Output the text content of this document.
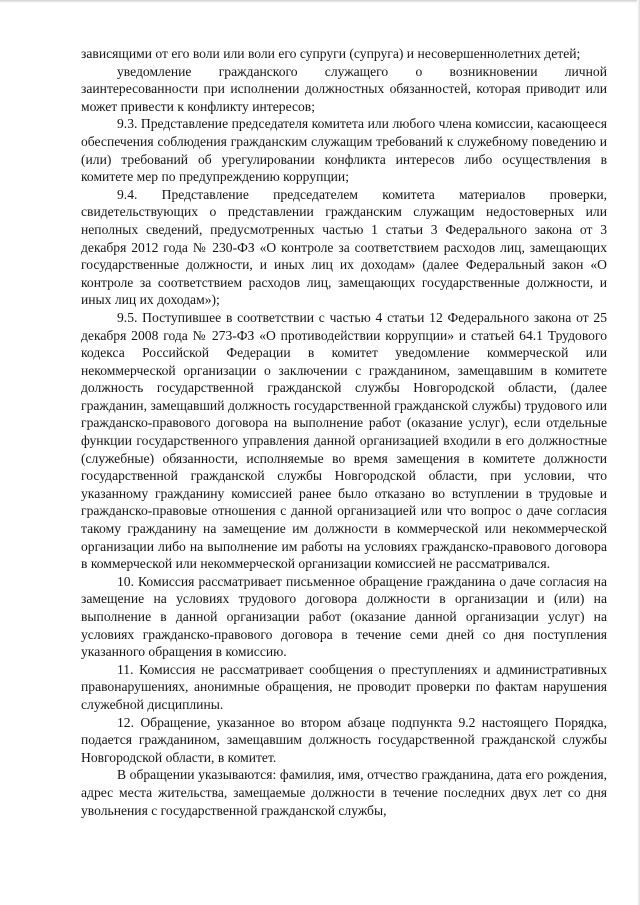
зависящими от его воли или воли его супруги (супруга) и несовершеннолетних детей;

уведомление гражданского служащего о возникновении личной заинтересованности при исполнении должностных обязанностей, которая приводит или может привести к конфликту интересов;

9.3. Представление председателя комитета или любого члена комиссии, касающееся обеспечения соблюдения гражданским служащим требований к служебному поведению и (или) требований об урегулировании конфликта интересов либо осуществления в комитете мер по предупреждению коррупции;

9.4. Представление председателем комитета материалов проверки, свидетельствующих о представлении гражданским служащим недостоверных или неполных сведений, предусмотренных частью 1 статьи 3 Федерального закона от 3 декабря 2012 года № 230-ФЗ «О контроле за соответствием расходов лиц, замещающих государственные должности, и иных лиц их доходам» (далее Федеральный закон «О контроле за соответствием расходов лиц, замещающих государственные должности, и иных лиц их доходам»);

9.5. Поступившее в соответствии с частью 4 статьи 12 Федерального закона от 25 декабря 2008 года № 273-ФЗ «О противодействии коррупции» и статьей 64.1 Трудового кодекса Российской Федерации в комитет уведомление коммерческой или некоммерческой организации о заключении с гражданином, замещавшим в комитете должность государственной гражданской службы Новгородской области, (далее гражданин, замещавший должность государственной гражданской службы) трудового или гражданско-правового договора на выполнение работ (оказание услуг), если отдельные функции государственного управления данной организацией входили в его должностные (служебные) обязанности, исполняемые во время замещения в комитете должности государственной гражданской службы Новгородской области, при условии, что указанному гражданину комиссией ранее было отказано во вступлении в трудовые и гражданско-правовые отношения с данной организацией или что вопрос о даче согласия такому гражданину на замещение им должности в коммерческой или некоммерческой организации либо на выполнение им работы на условиях гражданско-правового договора в коммерческой или некоммерческой организации комиссией не рассматривался.

10. Комиссия рассматривает письменное обращение гражданина о даче согласия на замещение на условиях трудового договора должности в организации и (или) на выполнение в данной организации работ (оказание данной организации услуг) на условиях гражданско-правового договора в течение семи дней со дня поступления указанного обращения в комиссию.

11. Комиссия не рассматривает сообщения о преступлениях и административных правонарушениях, анонимные обращения, не проводит проверки по фактам нарушения служебной дисциплины.

12. Обращение, указанное во втором абзаце подпункта 9.2 настоящего Порядка, подается гражданином, замещавшим должность государственной гражданской службы Новгородской области, в комитет.

В обращении указываются: фамилия, имя, отчество гражданина, дата его рождения, адрес места жительства, замещаемые должности в течение последних двух лет со дня увольнения с государственной гражданской службы,
